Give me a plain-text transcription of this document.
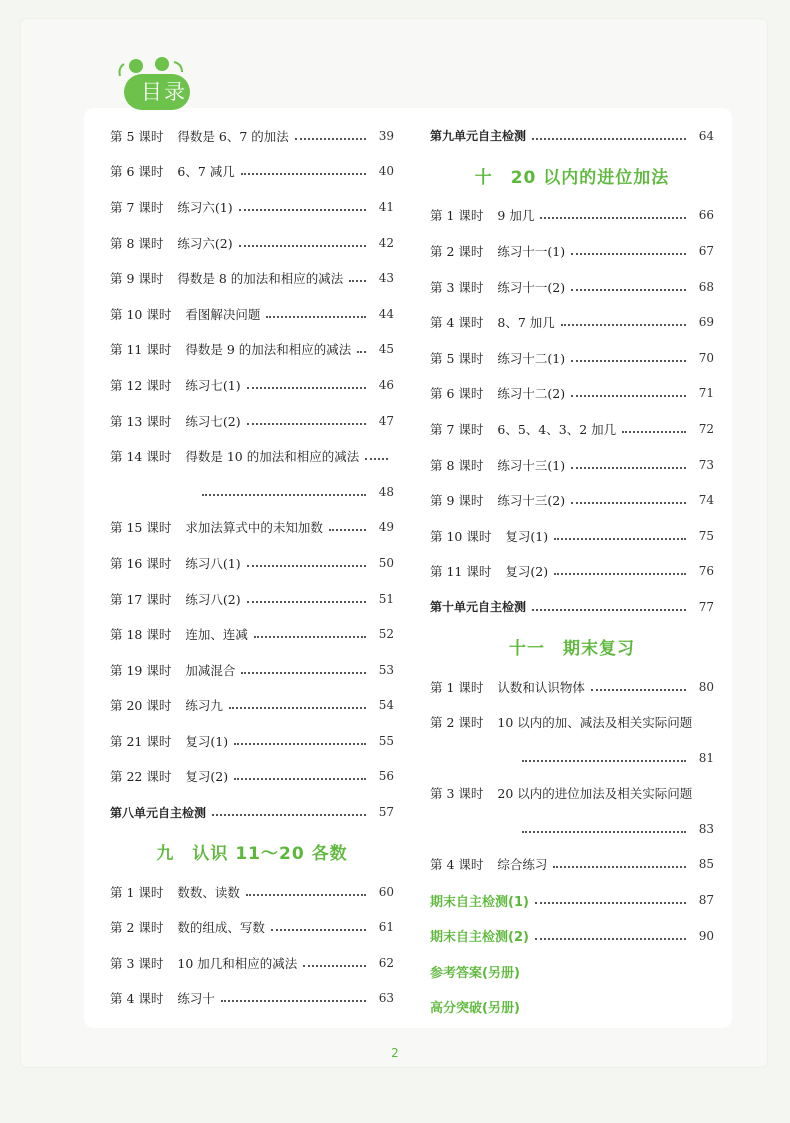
目录
第 5 课时 得数是 6、7 的加法	39
第 6 课时 6、7 减几	40
第 7 课时 练习六(1)	41
第 8 课时 练习六(2)	42
第 9 课时 得数是 8 的加法和相应的减法	43
第 10 课时 看图解决问题	44
第 11 课时 得数是 9 的加法和相应的减法	45
第 12 课时 练习七(1)	46
第 13 课时 练习七(2)	47
第 14 课时 得数是 10 的加法和相应的减法
48
第 15 课时 求加法算式中的未知加数	49
第 16 课时 练习八(1)	50
第 17 课时 练习八(2)	51
第 18 课时 连加、连减	52
第 19 课时 加减混合	53
第 20 课时 练习九	54
第 21 课时 复习(1)	55
第 22 课时 复习(2)	56
第八单元自主检测	57
九 认识 11～20 各数
第 1 课时 数数、读数	60
第 2 课时 数的组成、写数	61
第 3 课时 10 加几和相应的减法	62
第 4 课时 练习十	63
第九单元自主检测	64
十 20 以内的进位加法
第 1 课时 9 加几	66
第 2 课时 练习十一(1)	67
第 3 课时 练习十一(2)	68
第 4 课时 8、7 加几	69
第 5 课时 练习十二(1)	70
第 6 课时 练习十二(2)	71
第 7 课时 6、5、4、3、2 加几	72
第 8 课时 练习十三(1)	73
第 9 课时 练习十三(2)	74
第 10 课时 复习(1)	75
第 11 课时 复习(2)	76
第十单元自主检测	77
十一 期末复习
第 1 课时 认数和认识物体	80
第 2 课时 10 以内的加、减法及相关实际问题
81
第 3 课时 20 以内的进位加法及相关实际问题
83
第 4 课时 综合练习	85
期末自主检测(1)	87
期末自主检测(2)	90
参考答案(另册)
高分突破(另册)
2
